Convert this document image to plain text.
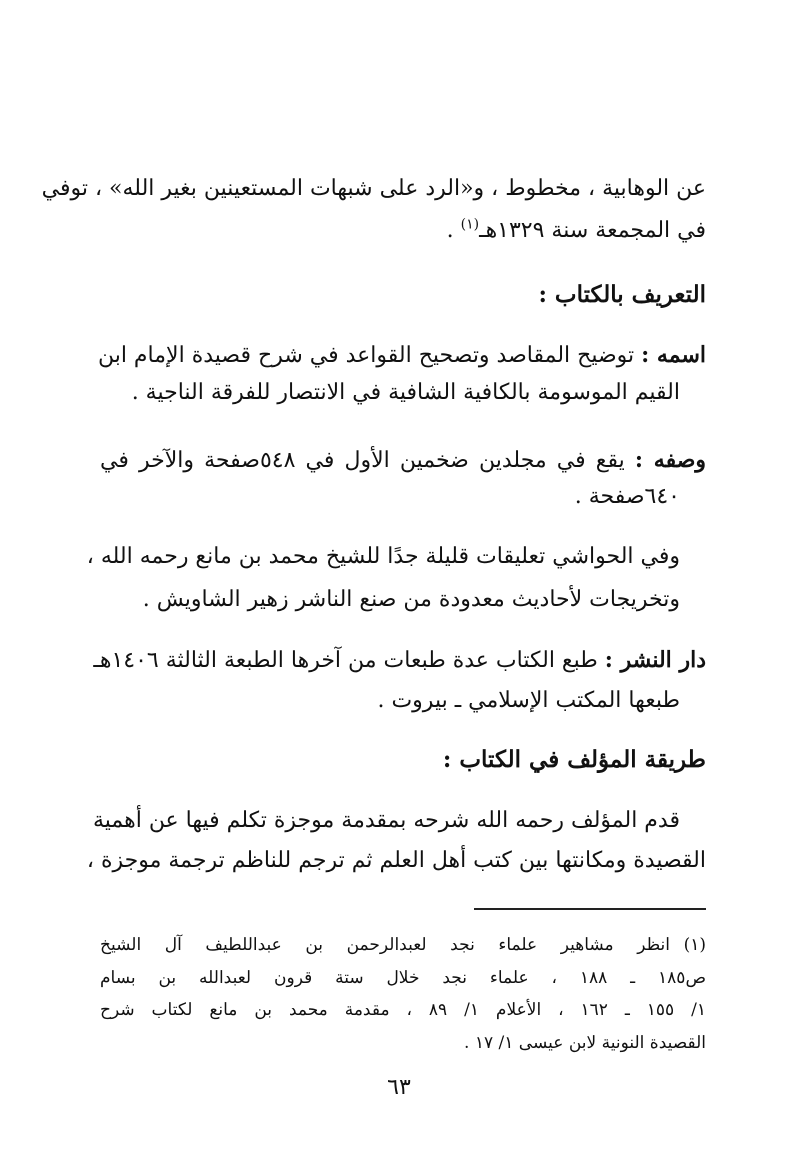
عن الوهابية ، مخطوط ، و«الرد على شبهات المستعينين بغير الله» ، توفي
في المجمعة سنة ١٣٢٩هـ$^{(١)}$ .
التعريف بالكتاب :
اسمه : توضيح المقاصد وتصحيح القواعد في شرح قصيدة الإمام ابن
القيم الموسومة بالكافية الشافية في الانتصار للفرقة الناجية .
وصفه : يقع في مجلدين ضخمين الأول في ٥٤٨صفحة والآخر في
٦٤٠صفحة .
وفي الحواشي تعليقات قليلة جدًا للشيخ محمد بن مانع رحمه الله ،
وتخريجات لأحاديث معدودة من صنع الناشر زهير الشاويش .
دار النشر : طبع الكتاب عدة طبعات من آخرها الطبعة الثالثة ١٤٠٦هـ
طبعها المكتب الإسلامي ـ بيروت .
طريقة المؤلف في الكتاب :
قدم المؤلف رحمه الله شرحه بمقدمة موجزة تكلم فيها عن أهمية
القصيدة ومكانتها بين كتب أهل العلم ثم ترجم للناظم ترجمة موجزة ،
(١)انظر مشاهير علماء نجد لعبدالرحمن بن عبداللطيف آل الشيخ
ص١٨٥ ـ ١٨٨ ، علماء نجد خلال ستة قرون لعبدالله بن بسام
١/ ١٥٥ ـ ١٦٢ ، الأعلام ١/ ٨٩ ، مقدمة محمد بن مانع لكتاب شرح
القصيدة النونية لابن عيسى ١/ ١٧ .
٦٣
